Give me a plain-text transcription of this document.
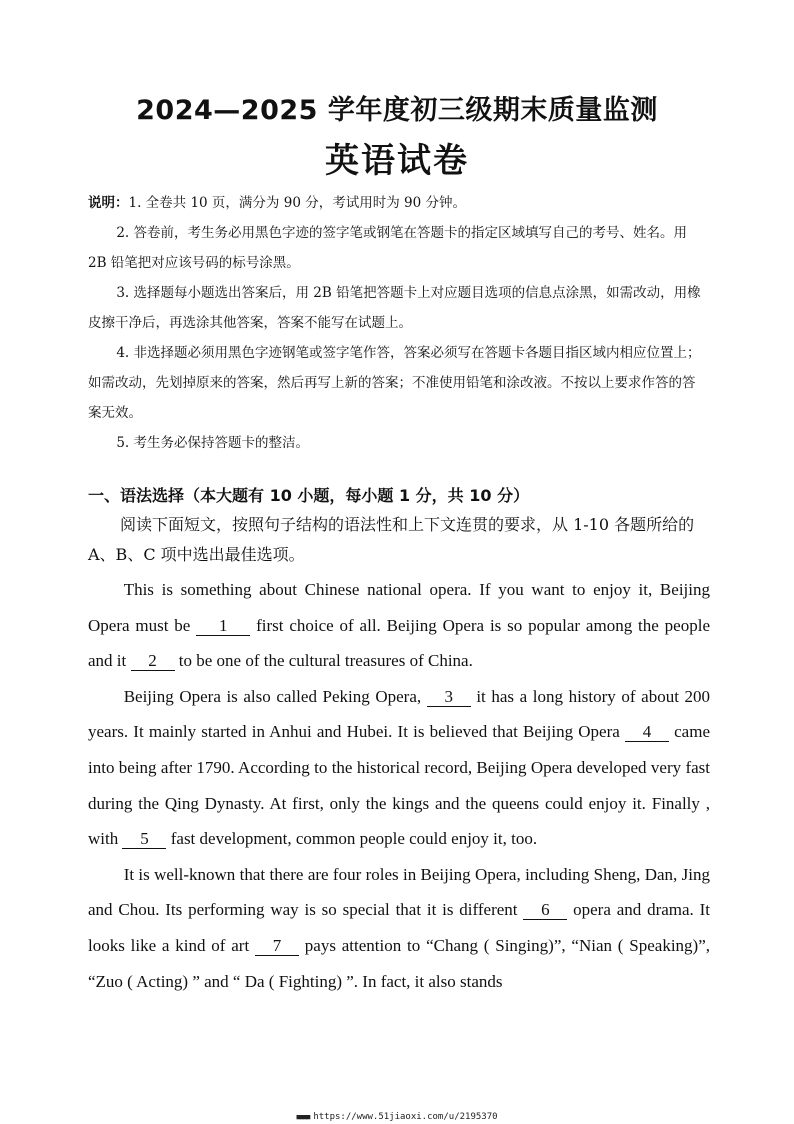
2024—2025 学年度初三级期末质量监测
英语试卷

说明：1. 全卷共 10 页，满分为 90 分，考试用时为 90 分钟。

2. 答卷前，考生务必用黑色字迹的签字笔或钢笔在答题卡的指定区域填写自己的考号、姓名。用 2B 铅笔把对应该号码的标号涂黑。

3. 选择题每小题选出答案后，用 2B 铅笔把答题卡上对应题目选项的信息点涂黑，如需改动，用橡皮擦干净后，再选涂其他答案，答案不能写在试题上。

4. 非选择题必须用黑色字迹钢笔或签字笔作答，答案必须写在答题卡各题目指区域内相应位置上；如需改动，先划掉原来的答案，然后再写上新的答案；不准使用铅笔和涂改液。不按以上要求作答的答案无效。

5. 考生务必保持答题卡的整洁。

一、语法选择（本大题有 10 小题，每小题 1 分，共 10 分）
阅读下面短文，按照句子结构的语法性和上下文连贯的要求，从 1-10 各题所给的 A、B、C 项中选出最佳选项。

This is something about Chinese national opera. If you want to enjoy it, Beijing Opera must be 1 first choice of all. Beijing Opera is so popular among the people and it 2 to be one of the cultural treasures of China.

Beijing Opera is also called Peking Opera, 3 it has a long history of about 200 years. It mainly started in Anhui and Hubei. It is believed that Beijing Opera 4 came into being after 1790. According to the historical record, Beijing Opera developed very fast during the Qing Dynasty. At first, only the kings and the queens could enjoy it. Finally , with 5 fast development, common people could enjoy it, too.

It is well-known that there are four roles in Beijing Opera, including Sheng, Dan, Jing and Chou. Its performing way is so special that it is different 6 opera and drama. It looks like a kind of art 7 pays attention to “Chang ( Singing)”, “Nian ( Speaking)”, “Zuo ( Acting) ” and “ Da ( Fighting) ”. In fact, it also stands

■■■■ https://www.51jiaoxi.com/u/2195370
